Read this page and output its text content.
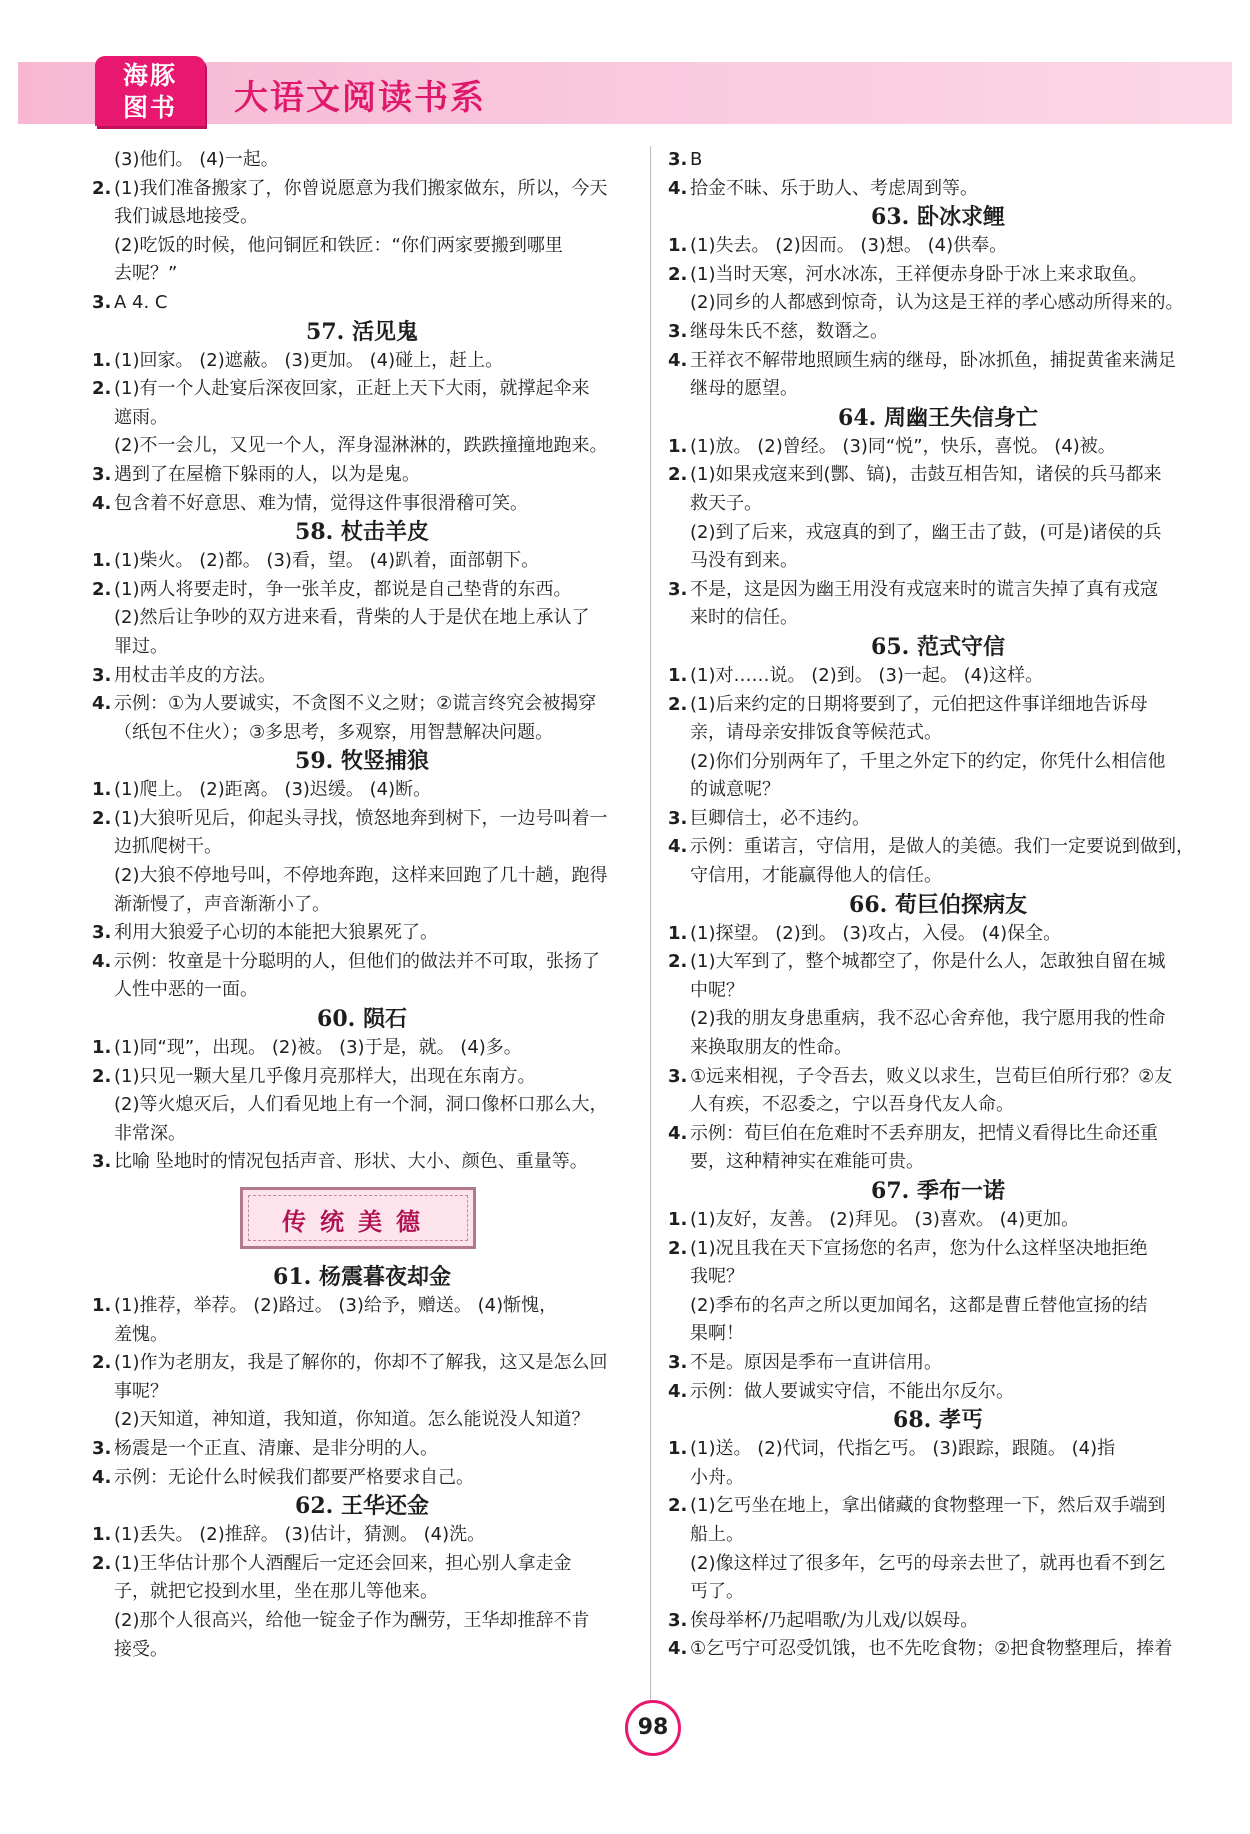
海豚
图书	大语文阅读书系
(3)他们。 (4)一起。
2. (1)我们准备搬家了，你曾说愿意为我们搬家做东，所以，今天
我们诚恳地接受。
(2)吃饭的时候，他问铜匠和铁匠：“你们两家要搬到哪里
去呢？”
3. A 4. C
57. 活见鬼
1. (1)回家。 (2)遮蔽。 (3)更加。 (4)碰上，赶上。
2. (1)有一个人赴宴后深夜回家，正赶上天下大雨，就撑起伞来
遮雨。
(2)不一会儿，又见一个人，浑身湿淋淋的，跌跌撞撞地跑来。
3. 遇到了在屋檐下躲雨的人，以为是鬼。
4. 包含着不好意思、难为情，觉得这件事很滑稽可笑。
58. 杖击羊皮
1. (1)柴火。 (2)都。 (3)看，望。 (4)趴着，面部朝下。
2. (1)两人将要走时，争一张羊皮，都说是自己垫背的东西。
(2)然后让争吵的双方进来看，背柴的人于是伏在地上承认了
罪过。
3. 用杖击羊皮的方法。
4. 示例：①为人要诚实，不贪图不义之财；②谎言终究会被揭穿
（纸包不住火）；③多思考，多观察，用智慧解决问题。
59. 牧竖捕狼
1. (1)爬上。 (2)距离。 (3)迟缓。 (4)断。
2. (1)大狼听见后，仰起头寻找，愤怒地奔到树下，一边号叫着一
边抓爬树干。
(2)大狼不停地号叫，不停地奔跑，这样来回跑了几十趟，跑得
渐渐慢了，声音渐渐小了。
3. 利用大狼爱子心切的本能把大狼累死了。
4. 示例：牧童是十分聪明的人，但他们的做法并不可取，张扬了
人性中恶的一面。
60. 陨石
1. (1)同“现”，出现。 (2)被。 (3)于是，就。 (4)多。
2. (1)只见一颗大星几乎像月亮那样大，出现在东南方。
(2)等火熄灭后，人们看见地上有一个洞，洞口像杯口那么大，
非常深。
3. 比喻 坠地时的情况包括声音、形状、大小、颜色、重量等。
传统美德
61. 杨震暮夜却金
1. (1)推荐，举荐。 (2)路过。 (3)给予，赠送。 (4)惭愧，
羞愧。
2. (1)作为老朋友，我是了解你的，你却不了解我，这又是怎么回
事呢？
(2)天知道，神知道，我知道，你知道。怎么能说没人知道？
3. 杨震是一个正直、清廉、是非分明的人。
4. 示例：无论什么时候我们都要严格要求自己。
62. 王华还金
1. (1)丢失。 (2)推辞。 (3)估计，猜测。 (4)洗。
2. (1)王华估计那个人酒醒后一定还会回来，担心别人拿走金
子，就把它投到水里，坐在那儿等他来。
(2)那个人很高兴，给他一锭金子作为酬劳，王华却推辞不肯
接受。
3. B
4. 拾金不昧、乐于助人、考虑周到等。
63. 卧冰求鲤
1. (1)失去。 (2)因而。 (3)想。 (4)供奉。
2. (1)当时天寒，河水冰冻，王祥便赤身卧于冰上来求取鱼。
(2)同乡的人都感到惊奇，认为这是王祥的孝心感动所得来的。
3. 继母朱氏不慈，数谮之。
4. 王祥衣不解带地照顾生病的继母，卧冰抓鱼，捕捉黄雀来满足
继母的愿望。
64. 周幽王失信身亡
1. (1)放。 (2)曾经。 (3)同“悦”，快乐，喜悦。 (4)被。
2. (1)如果戎寇来到(酆、镐)，击鼓互相告知，诸侯的兵马都来
救天子。
(2)到了后来，戎寇真的到了，幽王击了鼓，(可是)诸侯的兵
马没有到来。
3. 不是，这是因为幽王用没有戎寇来时的谎言失掉了真有戎寇
来时的信任。
65. 范式守信
1. (1)对……说。 (2)到。 (3)一起。 (4)这样。
2. (1)后来约定的日期将要到了，元伯把这件事详细地告诉母
亲，请母亲安排饭食等候范式。
(2)你们分别两年了，千里之外定下的约定，你凭什么相信他
的诚意呢？
3. 巨卿信士，必不违约。
4. 示例：重诺言，守信用，是做人的美德。我们一定要说到做到，
守信用，才能赢得他人的信任。
66. 荀巨伯探病友
1. (1)探望。 (2)到。 (3)攻占，入侵。 (4)保全。
2. (1)大军到了，整个城都空了，你是什么人，怎敢独自留在城
中呢？
(2)我的朋友身患重病，我不忍心舍弃他，我宁愿用我的性命
来换取朋友的性命。
3. ①远来相视，子令吾去，败义以求生，岂荀巨伯所行邪？②友
人有疾，不忍委之，宁以吾身代友人命。
4. 示例：荀巨伯在危难时不丢弃朋友，把情义看得比生命还重
要，这种精神实在难能可贵。
67. 季布一诺
1. (1)友好，友善。 (2)拜见。 (3)喜欢。 (4)更加。
2. (1)况且我在天下宣扬您的名声，您为什么这样坚决地拒绝
我呢？
(2)季布的名声之所以更加闻名，这都是曹丘替他宣扬的结
果啊！
3. 不是。原因是季布一直讲信用。
4. 示例：做人要诚实守信，不能出尔反尔。
68. 孝丐
1. (1)送。 (2)代词，代指乞丐。 (3)跟踪，跟随。 (4)指
小舟。
2. (1)乞丐坐在地上，拿出储藏的食物整理一下，然后双手端到
船上。
(2)像这样过了很多年，乞丐的母亲去世了，就再也看不到乞
丐了。
3. 俟母举杯/乃起唱歌/为儿戏/以娱母。
4. ①乞丐宁可忍受饥饿，也不先吃食物；②把食物整理后，捧着
98
